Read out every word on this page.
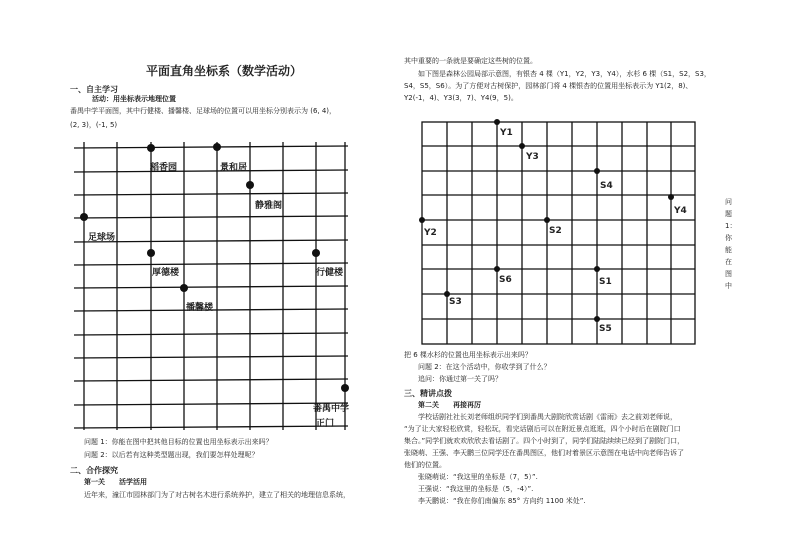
平面直角坐标系（数学活动）
一、自主学习
活动：用坐标表示地理位置
番禺中学平面图，其中行健楼、播馨楼、足球场的位置可以用坐标分别表示为 (6, 4)，
(2, 3)，(-1, 5)
稻香园	景和居
静雅阁
足球场
厚德楼	行健楼
播馨楼
番禺中学
正门
问题 1：你能在图中把其他目标的位置也用坐标表示出来吗？
问题 2：以后若有这种类型题出现，我们要怎样处理呢？
二、合作探究
第一关　　活学活用
近年来，潼江市园林部门为了对古树名木进行系统养护，建立了相关的地理信息系统，
其中重要的一条就是要确定这些树的位置。
如下图是森林公园局部示意图，有银杏 4 棵（Y1，Y2，Y3，Y4），水杉 6 棵（S1，S2，S3，
S4，S5，S6）。为了方便对古树保护，园林部门将 4 棵银杏的位置用坐标表示为 Y1(2，8)、
Y2(-1，4)、Y3(3，7)、Y4(9，5)。
Y1
Y3
S4
Y4
Y2	S2
S6	S1
S3
S5
问题1：你能在图中
把 6 棵水杉的位置也用坐标表示出来吗？
问题 2：在这个活动中，你收学到了什么？
追问：你通过第一关了吗？
三、精讲点拨
第二关　　再接再厉
学校话剧社社长刘老师组织同学们到番禺大剧院欣赏话剧《雷雨》去之前刘老师说，
“为了让大家轻松欣赏，轻松玩，看完话剧后可以在附近景点逛逛，四个小时后在剧院门口
集合。”同学们就欢欢欣欣去看话剧了。四个小时到了，同学们陆陆续续已经到了剧院门口，
张晓萌、王强、李天鹏三位同学还在番禺图区，他们对着景区示意图在电话中向老师告诉了
他们的位置。
张晓萌说：“我这里的坐标是（7，5）”.
王强说：“我这里的坐标是（5，-4）”.
李天鹏说：“我在你们南偏东 85° 方向约 1100 米处”.
